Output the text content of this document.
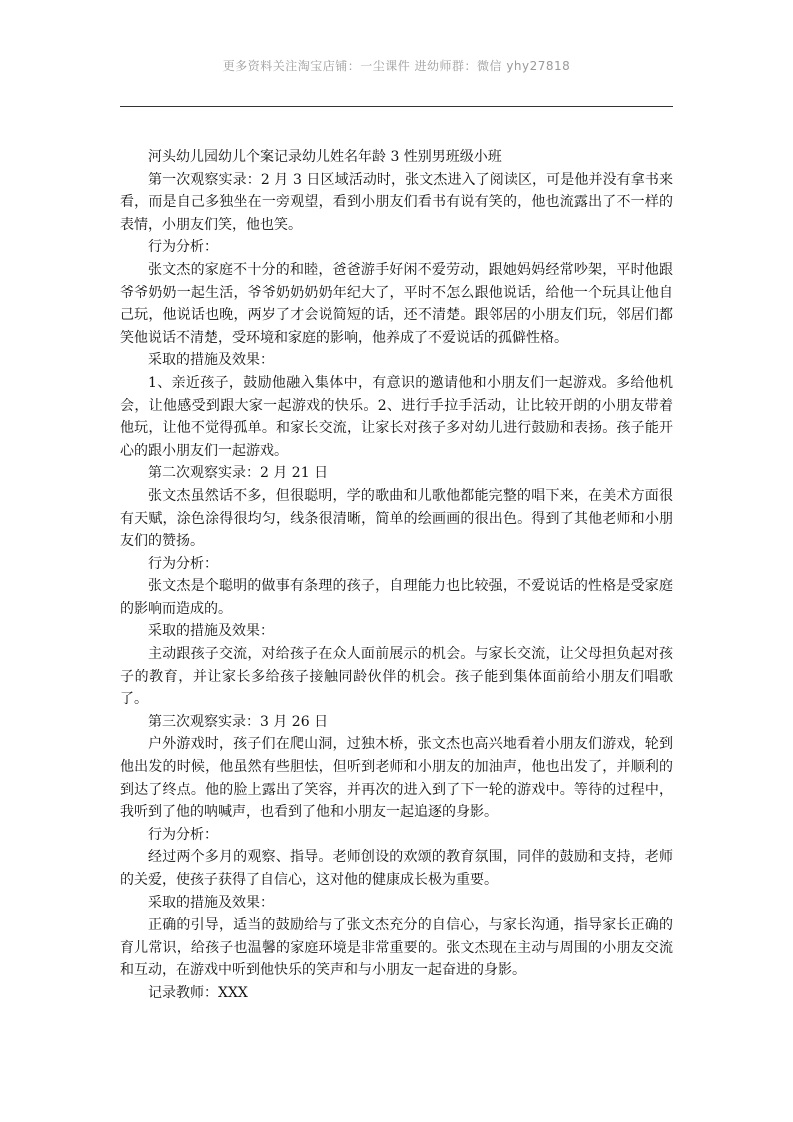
更多资料关注淘宝店铺：一尘课件 进幼师群：微信 yhy27818

河头幼儿园幼儿个案记录幼儿姓名年龄 3 性别男班级小班

第一次观察实录：2 月 3 日区域活动时，张文杰进入了阅读区，可是他并没有拿书来看，而是自己多独坐在一旁观望，看到小朋友们看书有说有笑的，他也流露出了不一样的表情，小朋友们笑，他也笑。

行为分析：

张文杰的家庭不十分的和睦，爸爸游手好闲不爱劳动，跟她妈妈经常吵架，平时他跟爷爷奶奶一起生活，爷爷奶奶奶奶年纪大了，平时不怎么跟他说话，给他一个玩具让他自己玩，他说话也晚，两岁了才会说简短的话，还不清楚。跟邻居的小朋友们玩，邻居们都笑他说话不清楚，受环境和家庭的影响，他养成了不爱说话的孤僻性格。

采取的措施及效果：

1、亲近孩子，鼓励他融入集体中，有意识的邀请他和小朋友们一起游戏。多给他机会，让他感受到跟大家一起游戏的快乐。2、进行手拉手活动，让比较开朗的小朋友带着他玩，让他不觉得孤单。和家长交流，让家长对孩子多对幼儿进行鼓励和表扬。孩子能开心的跟小朋友们一起游戏。

第二次观察实录：2 月 21 日

张文杰虽然话不多，但很聪明，学的歌曲和儿歌他都能完整的唱下来，在美术方面很有天赋，涂色涂得很均匀，线条很清晰，简单的绘画画的很出色。得到了其他老师和小朋友们的赞扬。

行为分析：

张文杰是个聪明的做事有条理的孩子，自理能力也比较强，不爱说话的性格是受家庭的影响而造成的。

采取的措施及效果：

主动跟孩子交流，对给孩子在众人面前展示的机会。与家长交流，让父母担负起对孩子的教育，并让家长多给孩子接触同龄伙伴的机会。孩子能到集体面前给小朋友们唱歌了。

第三次观察实录：3 月 26 日

户外游戏时，孩子们在爬山洞，过独木桥，张文杰也高兴地看着小朋友们游戏，轮到他出发的时候，他虽然有些胆怯，但听到老师和小朋友的加油声，他也出发了，并顺利的到达了终点。他的脸上露出了笑容，并再次的进入到了下一轮的游戏中。等待的过程中，我听到了他的呐喊声，也看到了他和小朋友一起追逐的身影。

行为分析：

经过两个多月的观察、指导。老师创设的欢颂的教育氛围，同伴的鼓励和支持，老师的关爱，使孩子获得了自信心，这对他的健康成长极为重要。

采取的措施及效果：

正确的引导，适当的鼓励给与了张文杰充分的自信心，与家长沟通，指导家长正确的育儿常识，给孩子也温馨的家庭环境是非常重要的。张文杰现在主动与周围的小朋友交流和互动，在游戏中听到他快乐的笑声和与小朋友一起奋进的身影。

记录教师：XXX
